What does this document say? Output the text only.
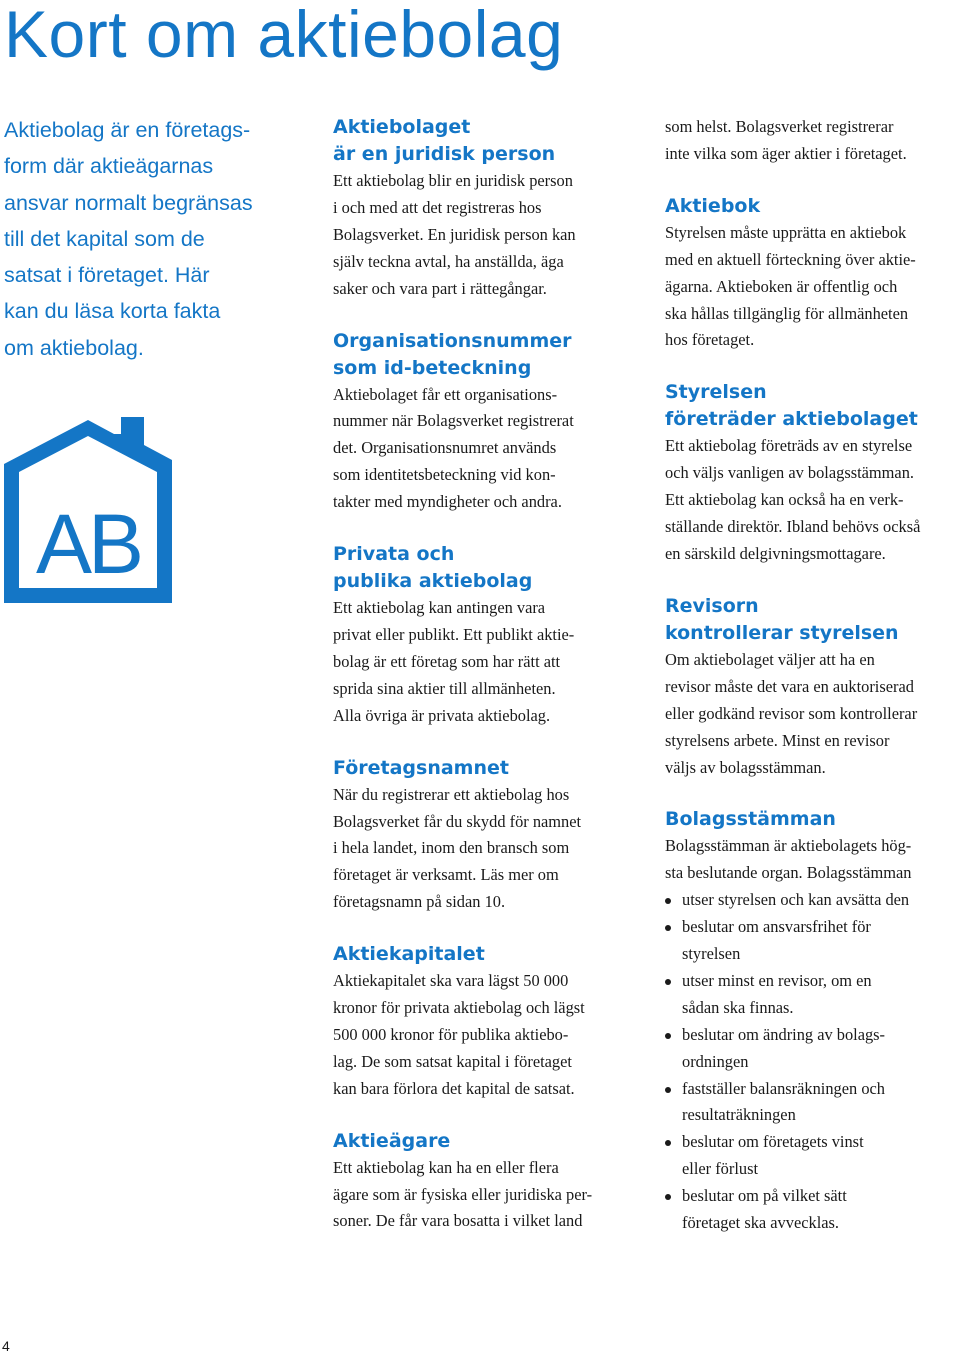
Kort om aktiebolag

Aktiebolag är en företags-
form där aktieägarnas
ansvar normalt begränsas
till det kapital som de
satsat i företaget. Här
kan du läsa korta fakta
om aktiebolag.

AB
Aktiebolaget
är en juridisk person

Ett aktiebolag blir en juridisk person
i och med att det registreras hos
Bolagsverket. En juridisk person kan
själv teckna avtal, ha anställda, äga
saker och vara part i rättegångar.

Organisationsnummer
som id-beteckning

Aktiebolaget får ett organisations-
nummer när Bolagsverket registrerat
det. Organisationsnumret används
som identitetsbeteckning vid kon-
takter med myndigheter och andra.

Privata och
publika aktiebolag

Ett aktiebolag kan antingen vara
privat eller publikt. Ett publikt aktie-
bolag är ett företag som har rätt att
sprida sina aktier till allmänheten.
Alla övriga är privata aktiebolag.

Företagsnamnet

När du registrerar ett aktiebolag hos
Bolagsverket får du skydd för namnet
i hela landet, inom den bransch som
företaget är verksamt. Läs mer om
företagsnamn på sidan 10.

Aktiekapitalet

Aktiekapitalet ska vara lägst 50 000
kronor för privata aktiebolag och lägst
500 000 kronor för publika aktiebo-
lag. De som satsat kapital i företaget
kan bara förlora det kapital de satsat.

Aktieägare

Ett aktiebolag kan ha en eller flera
ägare som är fysiska eller juridiska per-
soner. De får vara bosatta i vilket land

som helst. Bolagsverket registrerar
inte vilka som äger aktier i företaget.

Aktiebok

Styrelsen måste upprätta en aktiebok
med en aktuell förteckning över aktie-
ägarna. Aktieboken är offentlig och
ska hållas tillgänglig för allmänheten
hos företaget.

Styrelsen
företräder aktiebolaget

Ett aktiebolag företräds av en styrelse
och väljs vanligen av bolagsstämman.
Ett aktiebolag kan också ha en verk-
ställande direktör. Ibland behövs också
en särskild delgivningsmottagare.

Revisorn
kontrollerar styrelsen

Om aktiebolaget väljer att ha en
revisor måste det vara en auktoriserad
eller godkänd revisor som kontrollerar
styrelsens arbete. Minst en revisor
väljs av bolagsstämman.

Bolagsstämman

Bolagsstämman är aktiebolagets hög-
sta beslutande organ. Bolagsstämman

utser styrelsen och kan avsätta den
beslutar om ansvarsfrihet för
styrelsen
utser minst en revisor, om en
sådan ska finnas.
beslutar om ändring av bolags-
ordningen
fastställer balansräkningen och
resultaträkningen
beslutar om företagets vinst
eller förlust
beslutar om på vilket sätt
företaget ska avvecklas.

4
